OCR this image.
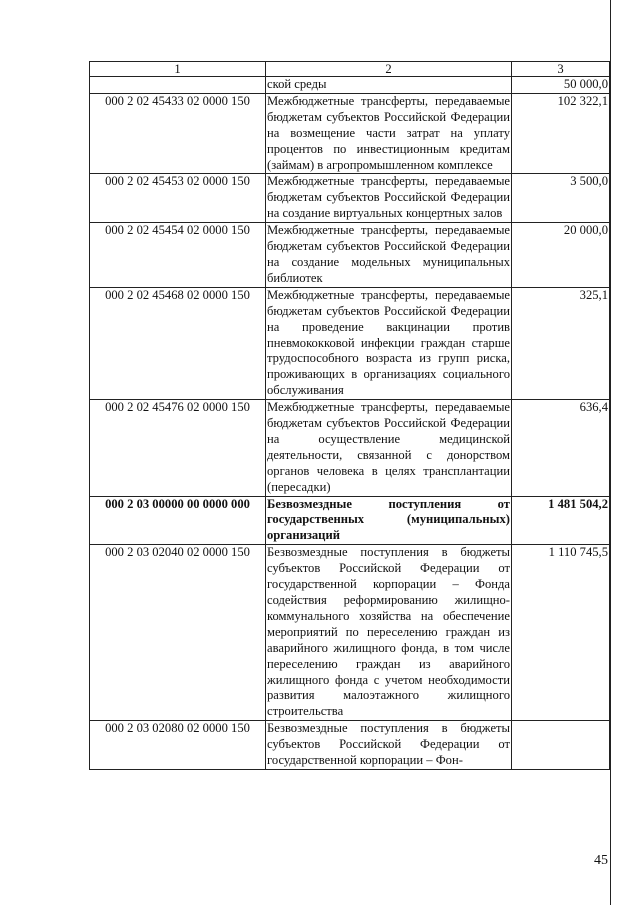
1	2	3
	ской среды	50 000,0
000 2 02 45433 02 0000 150	Межбюджетные трансферты, передаваемые бюджетам субъектов Российской Федерации на возмещение части затрат на уплату процентов по инвестиционным кредитам (займам) в агропромышленном комплексе	102 322,1
000 2 02 45453 02 0000 150	Межбюджетные трансферты, передаваемые бюджетам субъектов Российской Федерации на создание виртуальных концертных залов	3 500,0
000 2 02 45454 02 0000 150	Межбюджетные трансферты, передаваемые бюджетам субъектов Российской Федерации на создание модельных муниципальных библиотек	20 000,0
000 2 02 45468 02 0000 150	Межбюджетные трансферты, передаваемые бюджетам субъектов Российской Федерации на проведение вакцинации против пневмококковой инфекции граждан старше трудоспособного возраста из групп риска, проживающих в организациях социального обслуживания	325,1
000 2 02 45476 02 0000 150	Межбюджетные трансферты, передаваемые бюджетам субъектов Российской Федерации на осуществление медицинской деятельности, связанной с донорством органов человека в целях трансплантации (пересадки)	636,4
000 2 03 00000 00 0000 000	Безвозмездные поступления от государственных (муниципальных) организаций	1 481 504,2
000 2 03 02040 02 0000 150	Безвозмездные поступления в бюджеты субъектов Российской Федерации от государственной корпорации – Фонда содействия реформированию жилищно-коммунального хозяйства на обеспечение мероприятий по переселению граждан из аварийного жилищного фонда, в том числе переселению граждан из аварийного жилищного фонда с учетом необходимости развития малоэтажного жилищного строительства	1 110 745,5
000 2 03 02080 02 0000 150	Безвозмездные поступления в бюджеты субъектов Российской Федерации от государственной корпорации – Фон-	
45
